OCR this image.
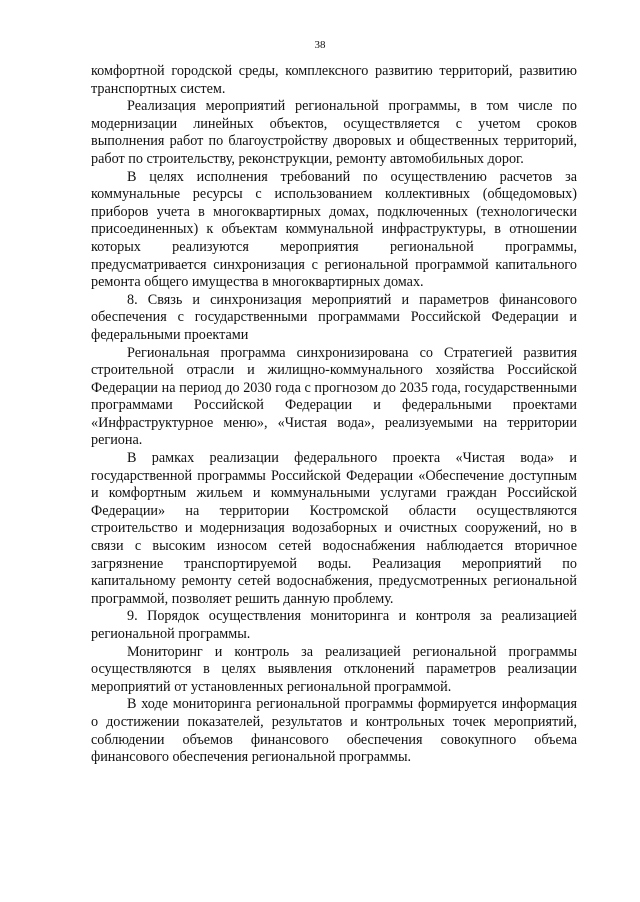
38

комфортной городской среды, комплексного развитию территорий, развитию транспортных систем.

Реализация мероприятий региональной программы, в том числе по модернизации линейных объектов, осуществляется с учетом сроков выполнения работ по благоустройству дворовых и общественных территорий, работ по строительству, реконструкции, ремонту автомобильных дорог.

В целях исполнения требований по осуществлению расчетов за коммунальные ресурсы с использованием коллективных (общедомовых) приборов учета в многоквартирных домах, подключенных (технологически присоединенных) к объектам коммунальной инфраструктуры, в отношении которых реализуются мероприятия региональной программы, предусматривается синхронизация с региональной программой капитального ремонта общего имущества в многоквартирных домах.

8. Связь и синхронизация мероприятий и параметров финансового обеспечения с государственными программами Российской Федерации и федеральными проектами

Региональная программа синхронизирована со Стратегией развития строительной отрасли и жилищно-коммунального хозяйства Российской Федерации на период до 2030 года с прогнозом до 2035 года, государственными программами Российской Федерации и федеральными проектами «Инфраструктурное меню», «Чистая вода», реализуемыми на территории региона.

В рамках реализации федерального проекта «Чистая вода» и государственной программы Российской Федерации «Обеспечение доступным и комфортным жильем и коммунальными услугами граждан Российской Федерации» на территории Костромской области осуществляются строительство и модернизация водозаборных и очистных сооружений, но в связи с высоким износом сетей водоснабжения наблюдается вторичное загрязнение транспортируемой воды. Реализация мероприятий по капитальному ремонту сетей водоснабжения, предусмотренных региональной программой, позволяет решить данную проблему.

9. Порядок осуществления мониторинга и контроля за реализацией региональной программы.

Мониторинг и контроль за реализацией региональной программы осуществляются в целях выявления отклонений параметров реализации мероприятий от установленных региональной программой.

В ходе мониторинга региональной программы формируется информация о достижении показателей, результатов и контрольных точек мероприятий, соблюдении объемов финансового обеспечения совокупного объема финансового обеспечения региональной программы.
